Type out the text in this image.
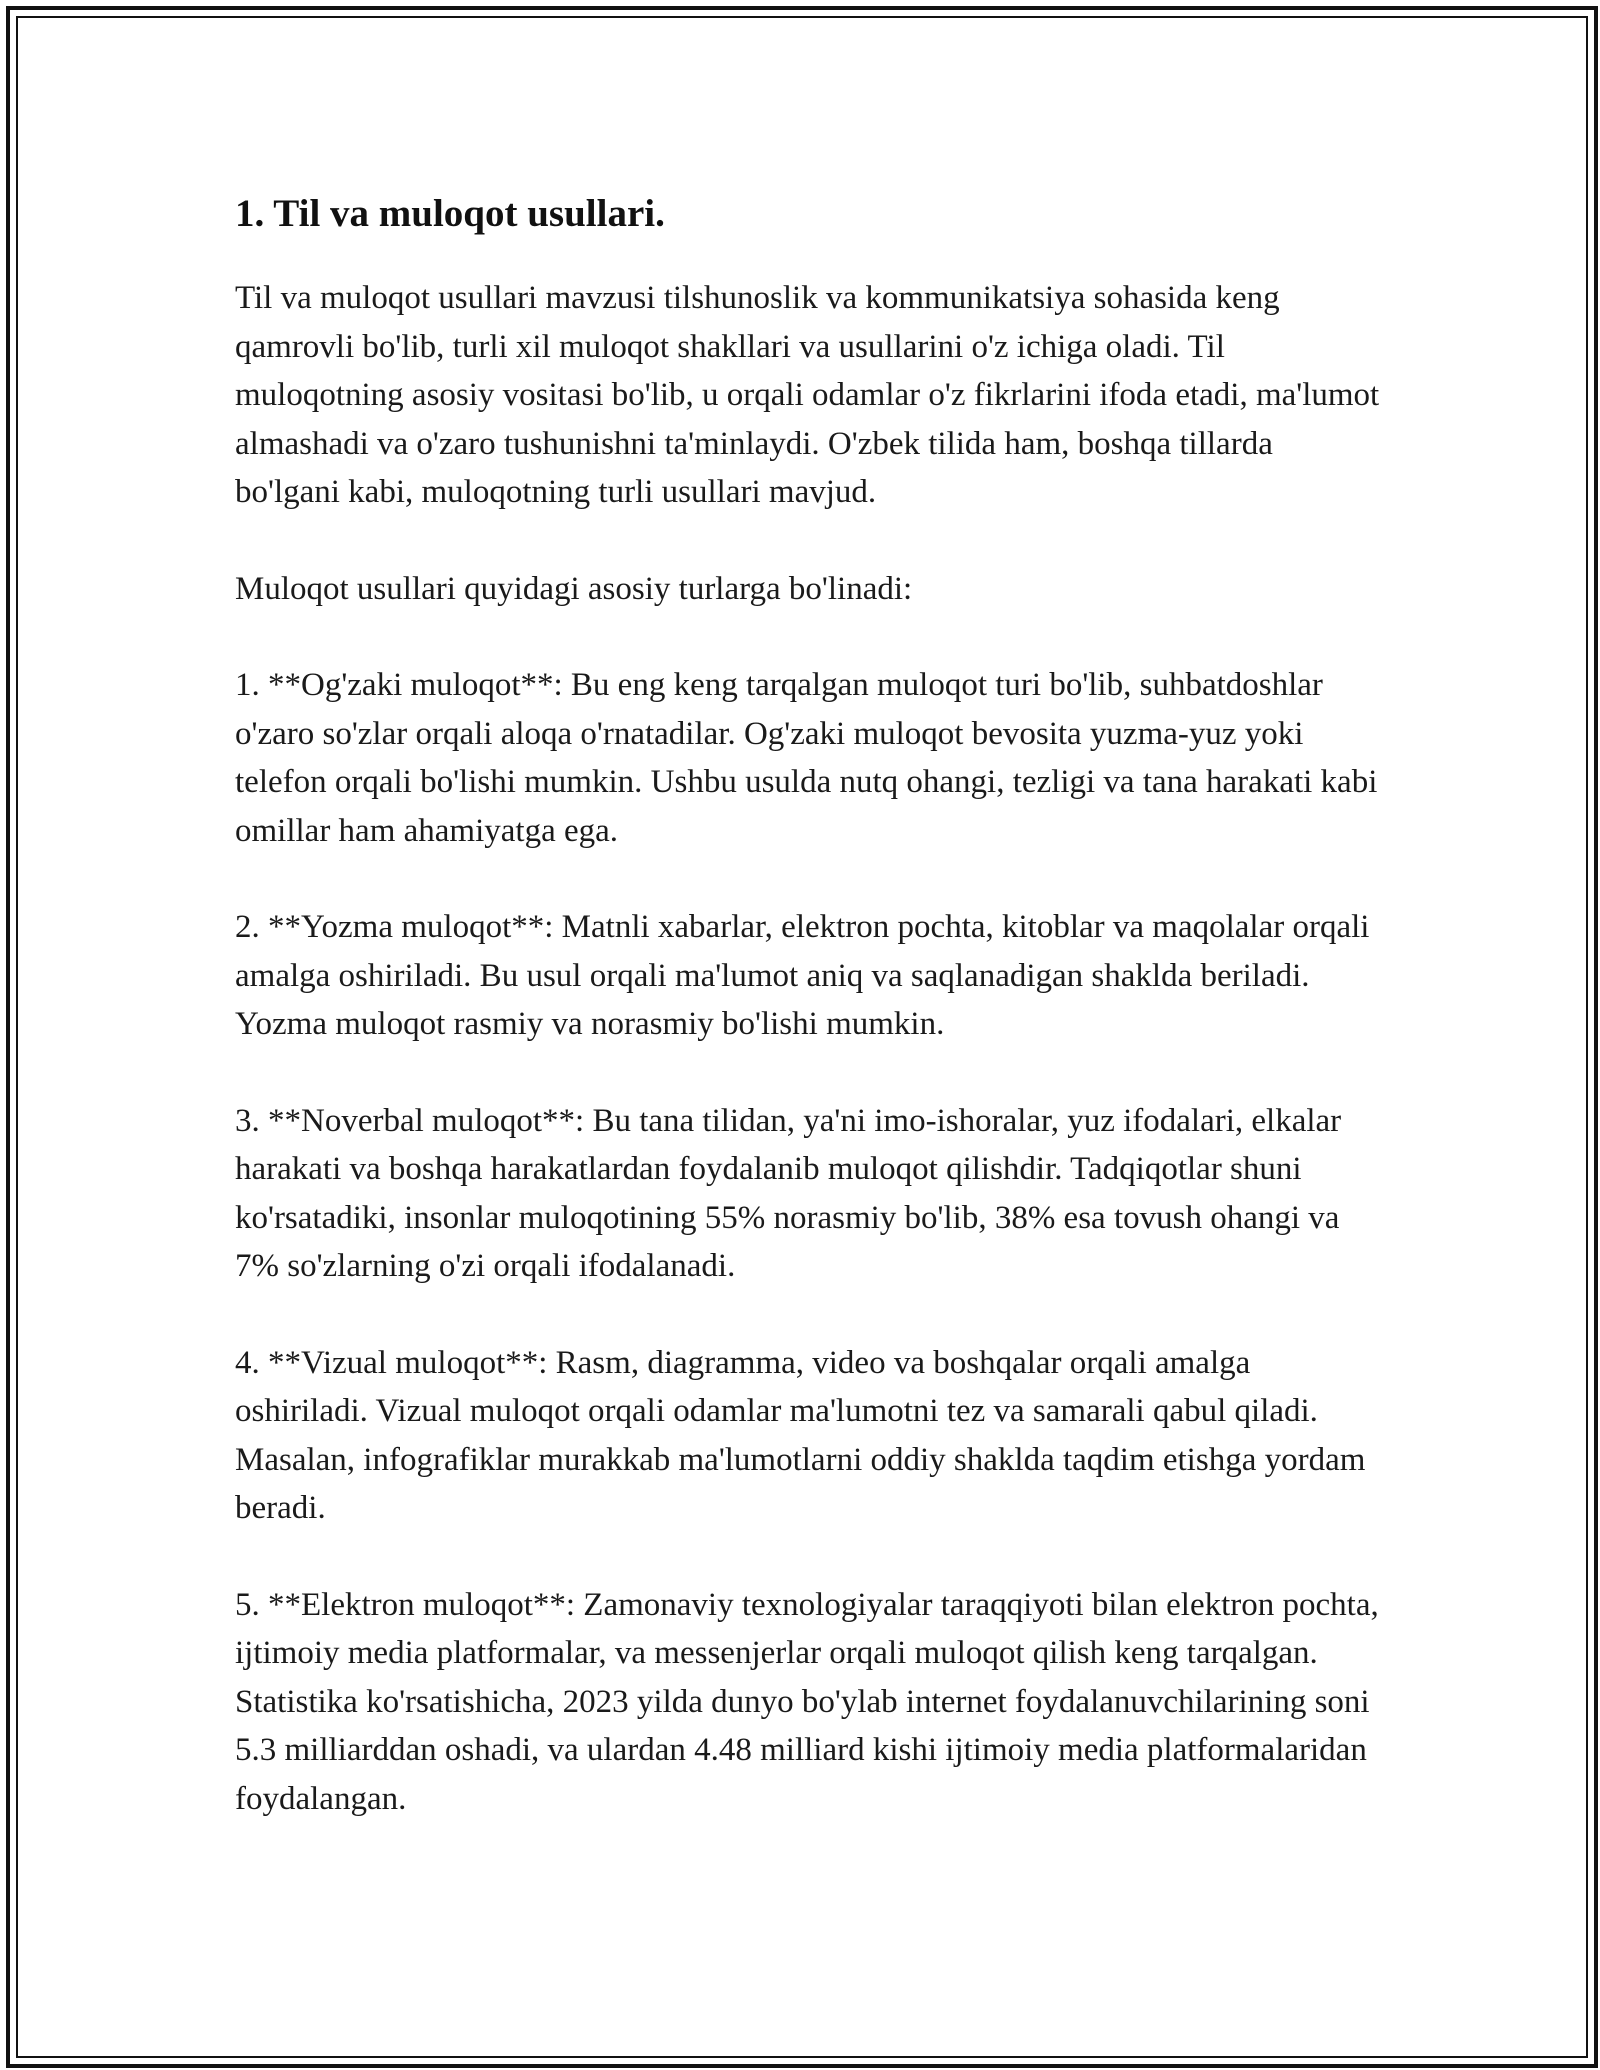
1. Til va muloqot usullari.

Til va muloqot usullari mavzusi tilshunoslik va kommunikatsiya sohasida keng qamrovli bo'lib, turli xil muloqot shakllari va usullarini o'z ichiga oladi. Til muloqotning asosiy vositasi bo'lib, u orqali odamlar o'z fikrlarini ifoda etadi, ma'lumot almashadi va o'zaro tushunishni ta'minlaydi. O'zbek tilida ham, boshqa tillarda bo'lgani kabi, muloqotning turli usullari mavjud.

Muloqot usullari quyidagi asosiy turlarga bo'linadi:

1. **Og'zaki muloqot**: Bu eng keng tarqalgan muloqot turi bo'lib, suhbatdoshlar o'zaro so'zlar orqali aloqa o'rnatadilar. Og'zaki muloqot bevosita yuzma-yuz yoki telefon orqali bo'lishi mumkin. Ushbu usulda nutq ohangi, tezligi va tana harakati kabi omillar ham ahamiyatga ega.

2. **Yozma muloqot**: Matnli xabarlar, elektron pochta, kitoblar va maqolalar orqali amalga oshiriladi. Bu usul orqali ma'lumot aniq va saqlanadigan shaklda beriladi. Yozma muloqot rasmiy va norasmiy bo'lishi mumkin.

3. **Noverbal muloqot**: Bu tana tilidan, ya'ni imo-ishoralar, yuz ifodalari, elkalar harakati va boshqa harakatlardan foydalanib muloqot qilishdir. Tadqiqotlar shuni ko'rsatadiki, insonlar muloqotining 55% norasmiy bo'lib, 38% esa tovush ohangi va 7% so'zlarning o'zi orqali ifodalanadi.

4. **Vizual muloqot**: Rasm, diagramma, video va boshqalar orqali amalga oshiriladi. Vizual muloqot orqali odamlar ma'lumotni tez va samarali qabul qiladi. Masalan, infografiklar murakkab ma'lumotlarni oddiy shaklda taqdim etishga yordam beradi.

5. **Elektron muloqot**: Zamonaviy texnologiyalar taraqqiyoti bilan elektron pochta, ijtimoiy media platformalar, va messenjerlar orqali muloqot qilish keng tarqalgan. Statistika ko'rsatishicha, 2023 yilda dunyo bo'ylab internet foydalanuvchilarining soni 5.3 milliarddan oshadi, va ulardan 4.48 milliard kishi ijtimoiy media platformalaridan foydalangan.
